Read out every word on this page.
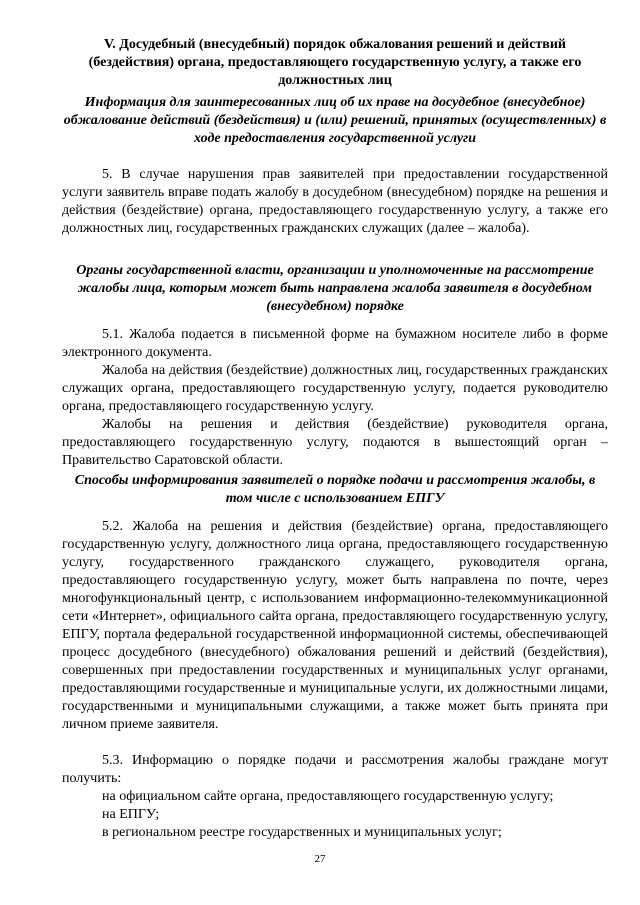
V. Досудебный (внесудебный) порядок обжалования решений и действий (бездействия) органа, предоставляющего государственную услугу, а также его должностных лиц

Информация для заинтересованных лиц об их праве на досудебное (внесудебное) обжалование действий (бездействия) и (или) решений, принятых (осуществленных) в ходе предоставления государственной услуги

5. В случае нарушения прав заявителей при предоставлении государственной услуги заявитель вправе подать жалобу в досудебном (внесудебном) порядке на решения и действия (бездействие) органа, предоставляющего государственную услугу, а также его должностных лиц, государственных гражданских служащих (далее – жалоба).

Органы государственной власти, организации и уполномоченные на рассмотрение жалобы лица, которым может быть направлена жалоба заявителя в досудебном (внесудебном) порядке

5.1. Жалоба подается в письменной форме на бумажном носителе либо в форме электронного документа.

Жалоба на действия (бездействие) должностных лиц, государственных гражданских служащих органа, предоставляющего государственную услугу, подается руководителю органа, предоставляющего государственную услугу.

Жалобы на решения и действия (бездействие) руководителя органа, предоставляющего государственную услугу, подаются в вышестоящий орган – Правительство Саратовской области.

Способы информирования заявителей о порядке подачи и рассмотрения жалобы, в том числе с использованием ЕПГУ

5.2. Жалоба на решения и действия (бездействие) органа, предоставляющего государственную услугу, должностного лица органа, предоставляющего государственную услугу, государственного гражданского служащего, руководителя органа, предоставляющего государственную услугу, может быть направлена по почте, через многофункциональный центр, с использованием информационно-телекоммуникационной сети «Интернет», официального сайта органа, предоставляющего государственную услугу, ЕПГУ, портала федеральной государственной информационной системы, обеспечивающей процесс досудебного (внесудебного) обжалования решений и действий (бездействия), совершенных при предоставлении государственных и муниципальных услуг органами, предоставляющими государственные и муниципальные услуги, их должностными лицами, государственными и муниципальными служащими, а также может быть принята при личном приеме заявителя.

5.3. Информацию о порядке подачи и рассмотрения жалобы граждане могут получить:

на официальном сайте органа, предоставляющего государственную услугу;

на ЕПГУ;

в региональном реестре государственных и муниципальных услуг;

27
